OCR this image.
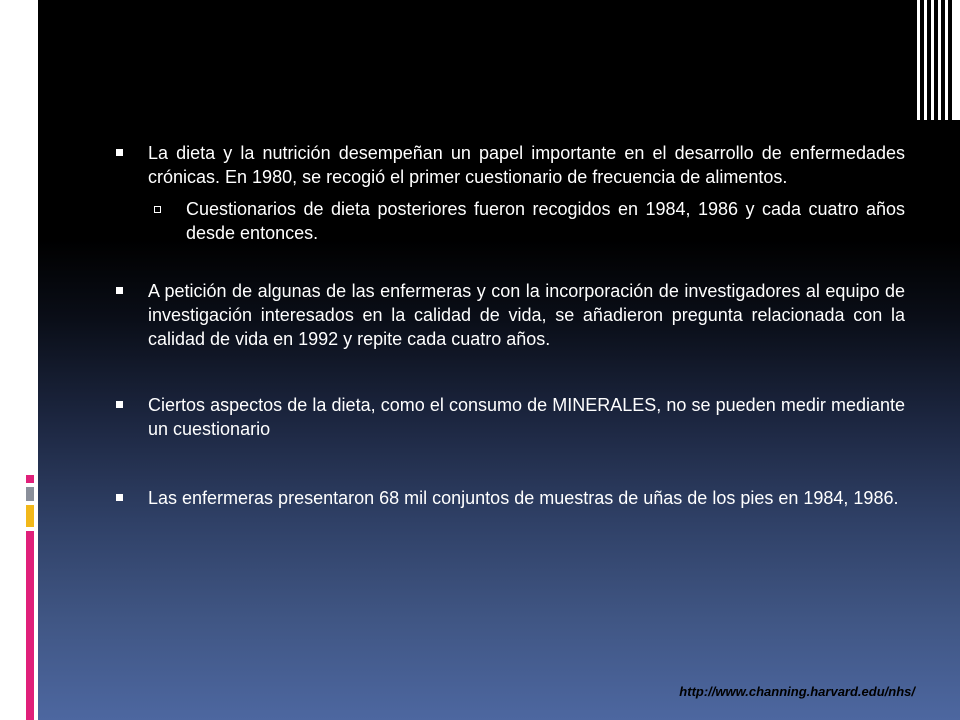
La dieta y la nutrición desempeñan un papel importante en el desarrollo de enfermedades crónicas. En 1980, se recogió el primer cuestionario de frecuencia de alimentos.
Cuestionarios de dieta posteriores fueron recogidos en 1984, 1986 y cada cuatro años desde entonces.
A petición de algunas de las enfermeras y con la incorporación de investigadores al equipo de investigación interesados en la calidad de vida, se añadieron pregunta relacionada con la calidad de vida en 1992 y repite cada cuatro años.
Ciertos aspectos de la dieta, como el consumo de MINERALES, no se pueden medir mediante un cuestionario
Las enfermeras presentaron 68 mil conjuntos de muestras de uñas de los pies en 1984, 1986.
http://www.channing.harvard.edu/nhs/
